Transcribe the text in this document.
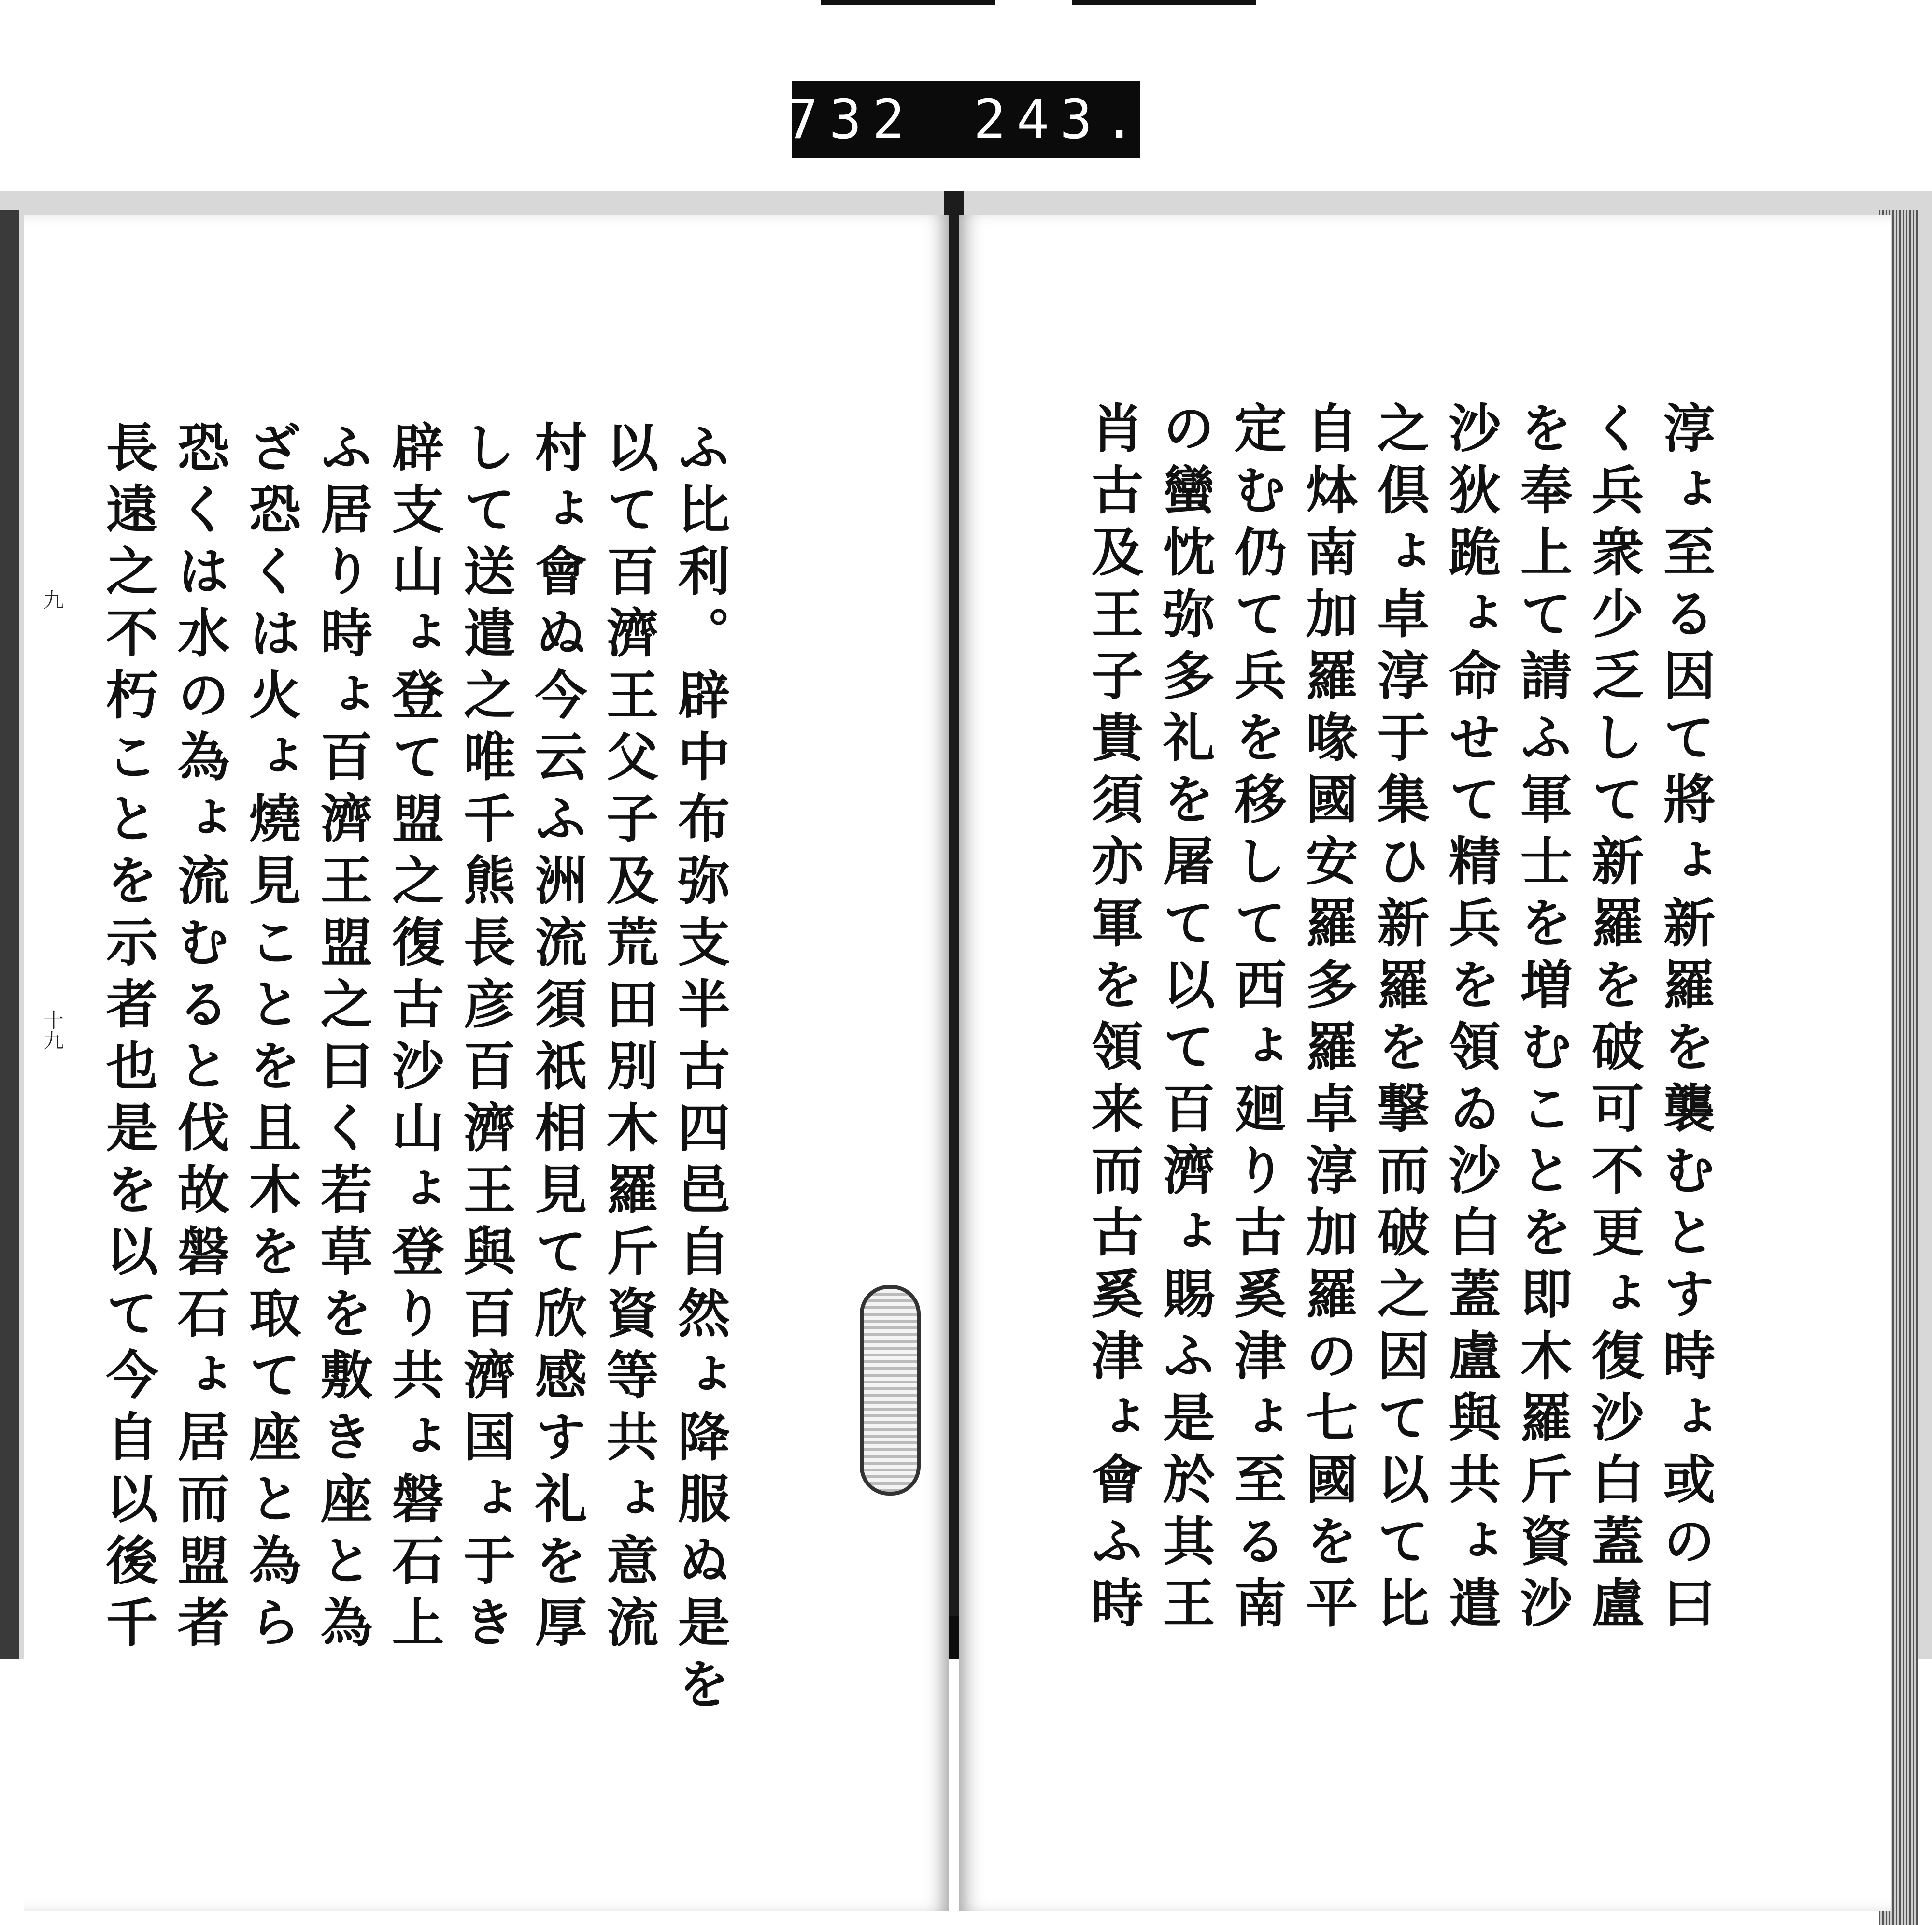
732 243.
淳ょ至る因て將ょ新羅を襲むとす時ょ或の曰
く兵衆少乏して新羅を破可不更ょ復沙白蓋盧
を奉上て請ふ軍士を増むことを即木羅斤資沙
沙狄跪ょ命せて精兵を領ゐ沙白蓋盧與共ょ遣
之倶ょ卓淳于集ひ新羅を撃而破之因て以て比
自㶱南加羅喙國安羅多羅卓淳加羅の七國を平
定む仍て兵を移して西ょ廻り古奚津ょ至る南
の蠻忱弥多礼を屠て以て百濟ょ賜ふ是於其王
肖古及王子貴須亦軍を領来而古奚津ょ會ふ時
ふ比利。辟中布弥支半古四邑自然ょ降服ぬ是を
以て百濟王父子及荒田別木羅斤資等共ょ意流
村ょ會ぬ今云ふ洲流須祇相見て欣感す礼を厚
して送遣之唯千熊長彦百濟王與百濟国ょ于き
辟支山ょ登て盟之復古沙山ょ登り共ょ磐石上
ふ居り時ょ百濟王盟之曰く若草を敷き座と為
ざ恐くは火ょ燒見ことを且木を取て座と為ら
恐くは水の為ょ流むると伐故磐石ょ居而盟者
長遠之不朽ことを示者也是を以て今自以後千
九
十九
